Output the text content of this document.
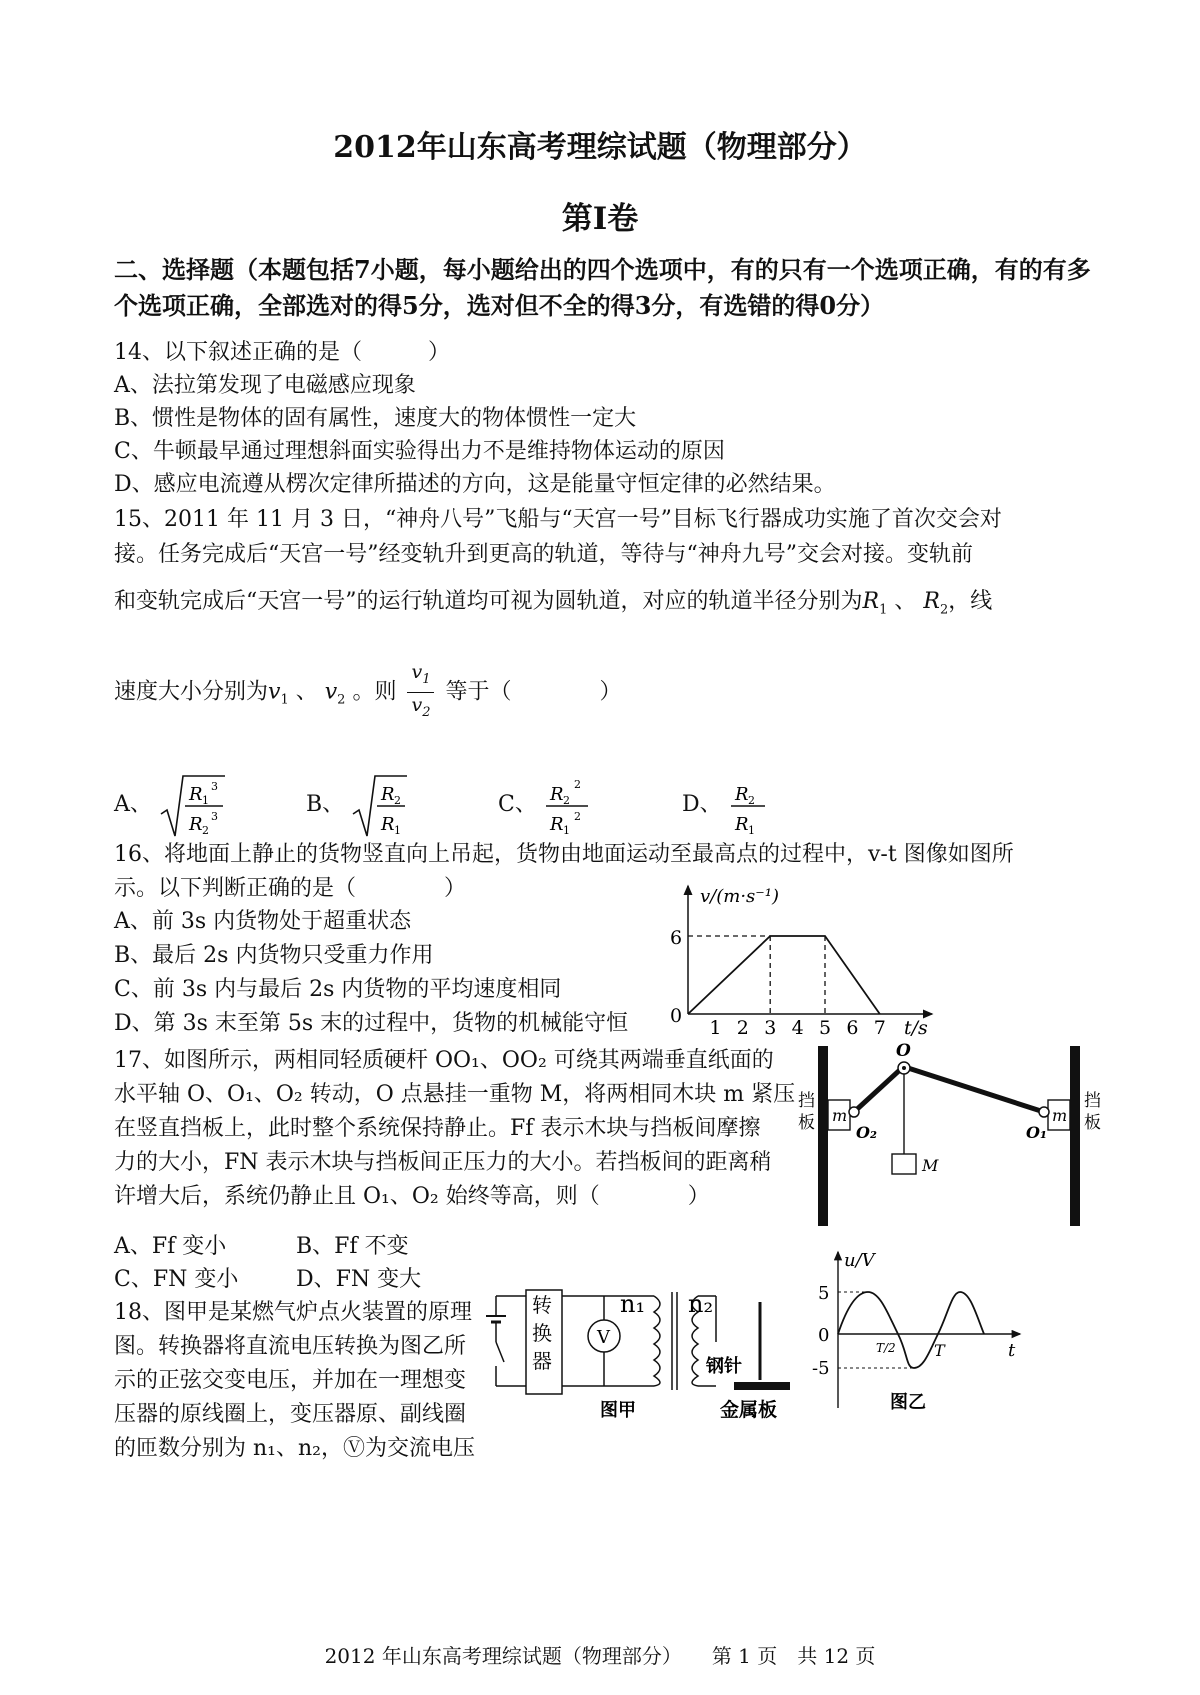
2012年山东高考理综试题（物理部分）
第Ⅰ卷
二、选择题（本题包括7小题，每小题给出的四个选项中，有的只有一个选项正确，有的有多个选项正确，全部选对的得5分，选对但不全的得3分，有选错的得0分）
14、以下叙述正确的是（　　　）
A、法拉第发现了电磁感应现象
B、惯性是物体的固有属性，速度大的物体惯性一定大
C、牛顿最早通过理想斜面实验得出力不是维持物体运动的原因
D、感应电流遵从楞次定律所描述的方向，这是能量守恒定律的必然结果。
15、2011 年 11 月 3 日，“神舟八号”飞船与“天宫一号”目标飞行器成功实施了首次交会对
接。任务完成后“天宫一号”经变轨升到更高的轨道，等待与“神舟九号”交会对接。变轨前
和变轨完成后“天宫一号”的运行轨道均可视为圆轨道，对应的轨道半径分别为$R_1$ 、 $R_2$，线
速度大小分别为$v_1$ 、 $v_2$ 。则 $\frac{v_1}{v_2}$ 等于（　　　　）
A、 R 1
3
R 2
3	B、 R 2
R 1
C、 R 2
2
R 1
2	D、 R 2
R 1
16、将地面上静止的货物竖直向上吊起，货物由地面运动至最高点的过程中，v-t 图像如图所
示。以下判断正确的是（　　　　）
A、前 3s 内货物处于超重状态
B、最后 2s 内货物只受重力作用
C、前 3s 内与最后 2s 内货物的平均速度相同
D、第 3s 末至第 5s 末的过程中，货物的机械能守恒
v/(m·s⁻¹)
t/s
6
0
1 2 3 4 5 6 7
17、如图所示，两相同轻质硬杆 OO₁、OO₂ 可绕其两端垂直纸面的
水平轴 O、O₁、O₂ 转动，O 点悬挂一重物 M，将两相同木块 m 紧压
在竖直挡板上，此时整个系统保持静止。Ff 表示木块与挡板间摩擦
力的大小，FN 表示木块与挡板间正压力的大小。若挡板间的距离稍
许增大后，系统仍静止且 O₁、O₂ 始终等高，则（　　　　）
A、Ff 变小	B、Ff 不变
C、FN 变小	D、FN 变大
挡
板
挡
板
m	m
O
O₂	O₁
M
18、图甲是某燃气炉点火装置的原理
图。转换器将直流电压转换为图乙所
示的正弦交变电压，并加在一理想变
压器的原线圈上，变压器原、副线圈
的匝数分别为 n₁、n₂，Ⓥ为交流电压
转
换
器
V
n₁ n₂
钢针
图甲	金属板
u/V
t
5
0
-5
T/2 T
图乙
2012 年山东高考理综试题（物理部分）　　第 1 页　共 12 页
